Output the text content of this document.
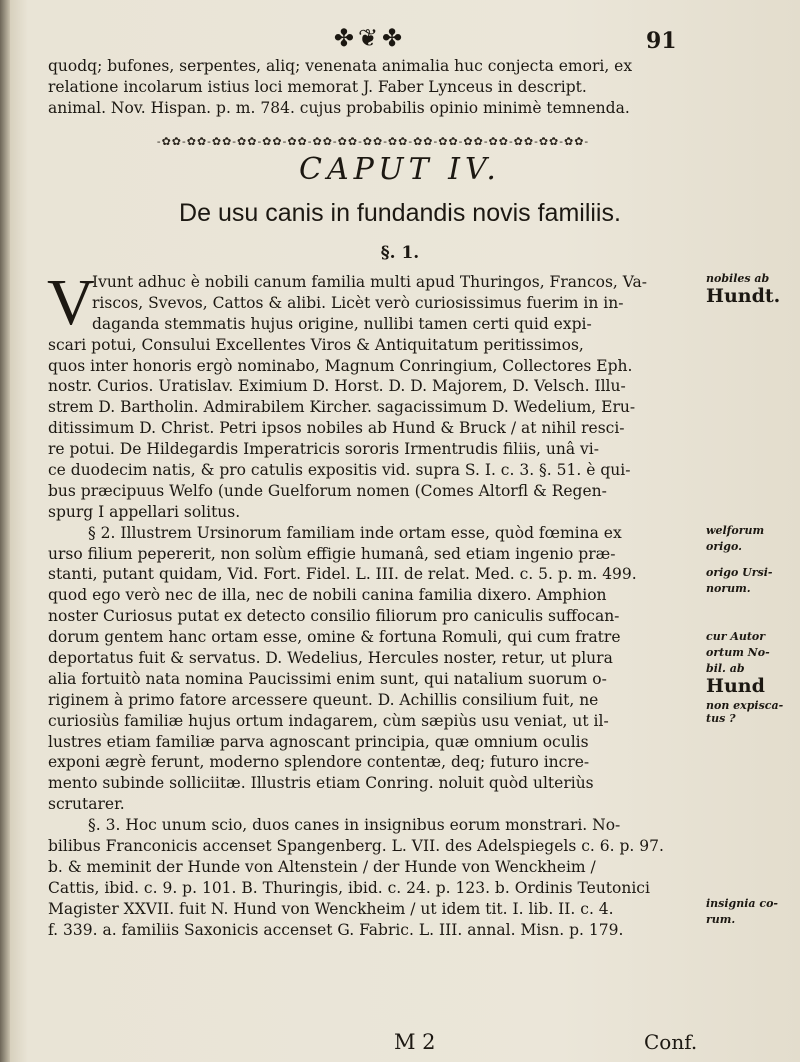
✤❦✤	91
quodq; bufones, serpentes, aliq; venenata animalia huc conjecta emori, ex
relatione incolarum istius loci memorat J. Faber Lynceus in descript.
animal. Nov. Hispan. p. m. 784. cujus probabilis opinio minimè temnenda.
-✿✿-✿✿-✿✿-✿✿-✿✿-✿✿-✿✿-✿✿-✿✿-✿✿-✿✿-✿✿-✿✿-✿✿-✿✿-✿✿-✿✿-
CAPUT IV.
De usu canis in fundandis novis familiis.
§. 1.
V
Ivunt adhuc è nobili canum familia multi apud Thuringos, Francos, Va-
riscos, Svevos, Cattos & alibi. Licèt verò curiosissimus fuerim in in-
daganda stemmatis hujus origine, nullibi tamen certi quid expi-
scari potui, Consului Excellentes Viros & Antiquitatum peritissimos,
quos inter honoris ergò nominabo, Magnum Conringium, Collectores Eph.
nostr. Curios. Uratislav. Eximium D. Horst. D. D. Majorem, D. Velsch. Illu-
strem D. Bartholin. Admirabilem Kircher. sagacissimum D. Wedelium, Eru-
ditissimum D. Christ. Petri ipsos nobiles ab Hund & Bruck / at nihil resci-
re potui. De Hildegardis Imperatricis sororis Irmentrudis filiis, unâ vi-
ce duodecim natis, & pro catulis expositis vid. supra S. I. c. 3. §. 51. è qui-
bus præcipuus Welfo (unde Guelforum nomen (Comes Altorfl & Regen-
spurg I appellari solitus.
§ 2. Illustrem Ursinorum familiam inde ortam esse, quòd fœmina ex
urso filium pepererit, non solùm effigie humanâ, sed etiam ingenio præ-
stanti, putant quidam, Vid. Fort. Fidel. L. III. de relat. Med. c. 5. p. m. 499.
quod ego verò nec de illa, nec de nobili canina familia dixero. Amphion
noster Curiosus putat ex detecto consilio filiorum pro caniculis suffocan-
dorum gentem hanc ortam esse, omine & fortuna Romuli, qui cum fratre
deportatus fuit & servatus. D. Wedelius, Hercules noster, retur, ut plura
alia fortuitò nata nomina Paucissimi enim sunt, qui natalium suorum o-
riginem à primo fatore arcessere queunt. D. Achillis consilium fuit, ne
curiosiùs familiæ hujus ortum indagarem, cùm sæpiùs usu veniat, ut il-
lustres etiam familiæ parva agnoscant principia, quæ omnium oculis
exponi ægrè ferunt, moderno splendore contentæ, deq; futuro incre-
mento subinde solliciitæ. Illustris etiam Conring. noluit quòd ulteriùs
scrutarer.
§. 3. Hoc unum scio, duos canes in insignibus eorum monstrari. No-
bilibus Franconicis accenset Spangenberg. L. VII. des Adelspiegels c. 6. p. 97.
b. & meminit der Hunde von Altenstein / der Hunde von Wenckheim /
Cattis, ibid. c. 9. p. 101. B. Thuringis, ibid. c. 24. p. 123. b. Ordinis Teutonici
Magister XXVII. fuit N. Hund von Wenckheim / ut idem tit. I. lib. II. c. 4.
f. 339. a. familiis Saxonicis accenset G. Fabric. L. III. annal. Misn. p. 179.
nobiles ab
Hundt.
welforum
origo.
origo Ursi-
norum.
cur Autor
ortum No-
bil. ab
Hund
non expisca-
tus ?
insignia co-
rum.
M 2	Conf.
